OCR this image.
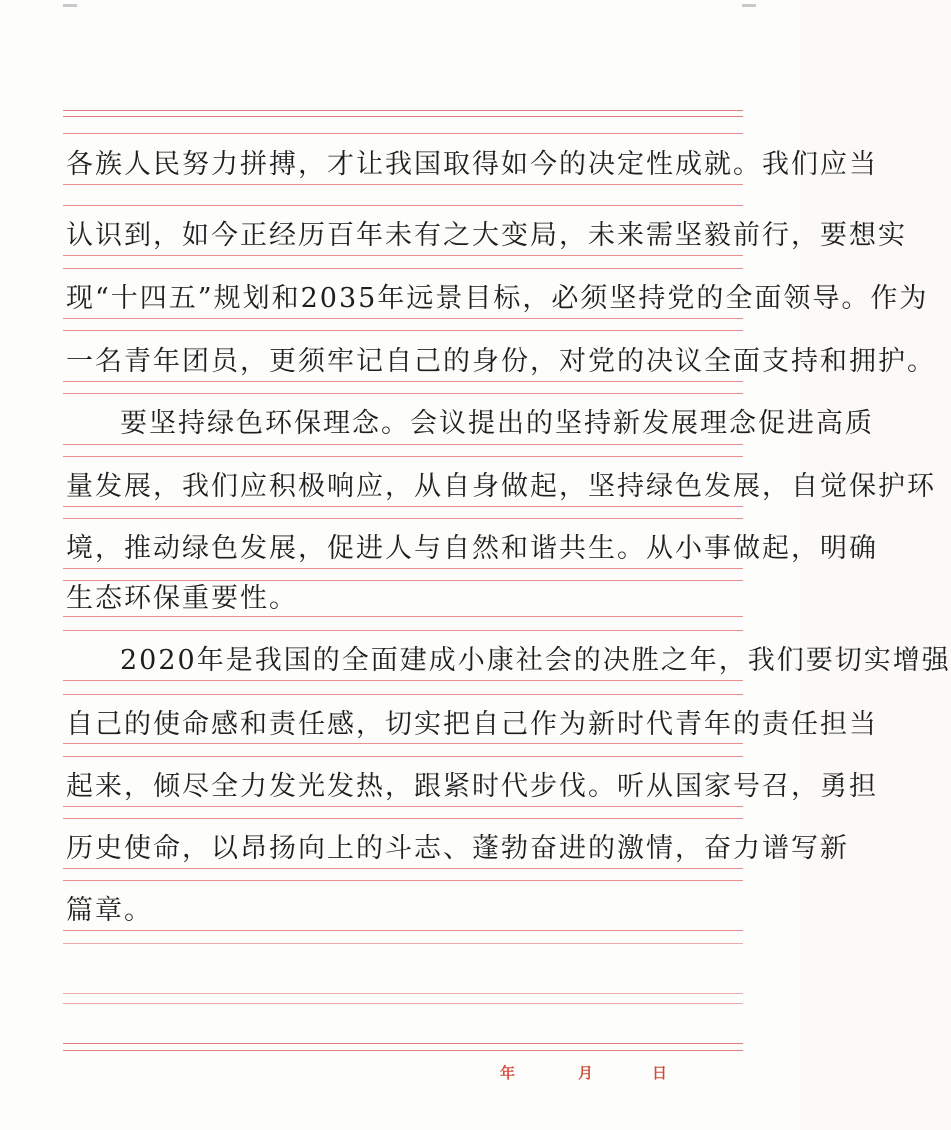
各族人民努力拼搏，才让我国取得如今的决定性成就。我们应当
认识到，如今正经历百年未有之大变局，未来需坚毅前行，要想实
现“十四五”规划和2035年远景目标，必须坚持党的全面领导。作为
一名青年团员，更须牢记自己的身份，对党的决议全面支持和拥护。
要坚持绿色环保理念。会议提出的坚持新发展理念促进高质
量发展，我们应积极响应，从自身做起，坚持绿色发展，自觉保护环
境，推动绿色发展，促进人与自然和谐共生。从小事做起，明确
生态环保重要性。
2020年是我国的全面建成小康社会的决胜之年，我们要切实增强
自己的使命感和责任感，切实把自己作为新时代青年的责任担当
起来，倾尽全力发光发热，跟紧时代步伐。听从国家号召，勇担
历史使命，以昂扬向上的斗志、蓬勃奋进的激情，奋力谱写新
篇章。
年	月	日
